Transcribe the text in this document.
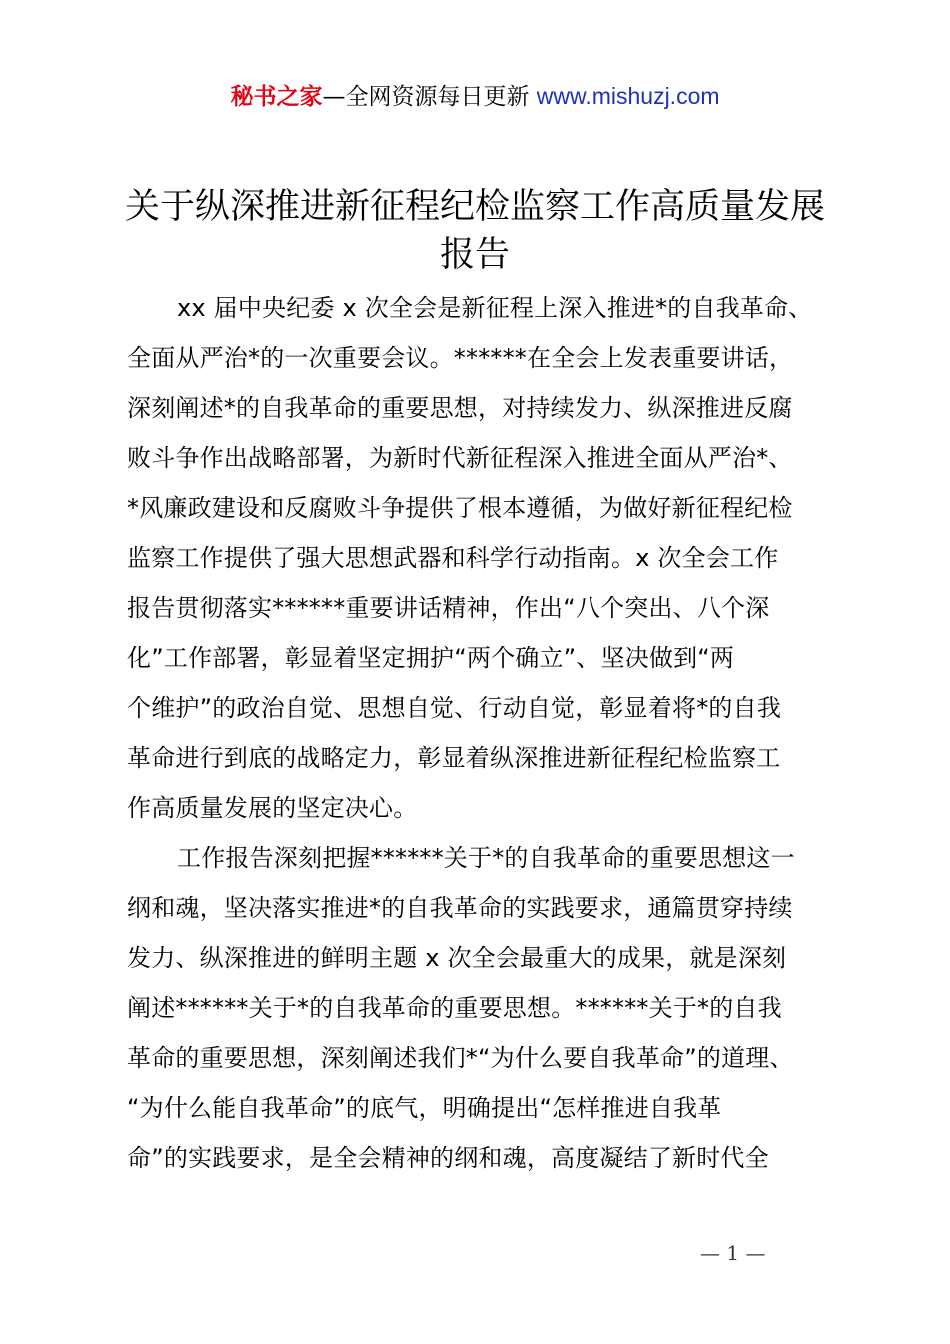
秘书之家—全网资源每日更新 www.mishuzj.com
关于纵深推进新征程纪检监察工作高质量发展
报告
xx 届中央纪委 x 次全会是新征程上深入推进*的自我革命、
全面从严治*的一次重要会议。******在全会上发表重要讲话，
深刻阐述*的自我革命的重要思想，对持续发力、纵深推进反腐
败斗争作出战略部署，为新时代新征程深入推进全面从严治*、
*风廉政建设和反腐败斗争提供了根本遵循，为做好新征程纪检
监察工作提供了强大思想武器和科学行动指南。x 次全会工作
报告贯彻落实******重要讲话精神，作出“八个突出、八个深
化”工作部署，彰显着坚定拥护“两个确立”、坚决做到“两
个维护”的政治自觉、思想自觉、行动自觉，彰显着将*的自我
革命进行到底的战略定力，彰显着纵深推进新征程纪检监察工
作高质量发展的坚定决心。
工作报告深刻把握******关于*的自我革命的重要思想这一
纲和魂，坚决落实推进*的自我革命的实践要求，通篇贯穿持续
发力、纵深推进的鲜明主题 x 次全会最重大的成果，就是深刻
阐述******关于*的自我革命的重要思想。******关于*的自我
革命的重要思想，深刻阐述我们*“为什么要自我革命”的道理、
“为什么能自我革命”的底气，明确提出“怎样推进自我革
命”的实践要求，是全会精神的纲和魂，高度凝结了新时代全
— 1 —
